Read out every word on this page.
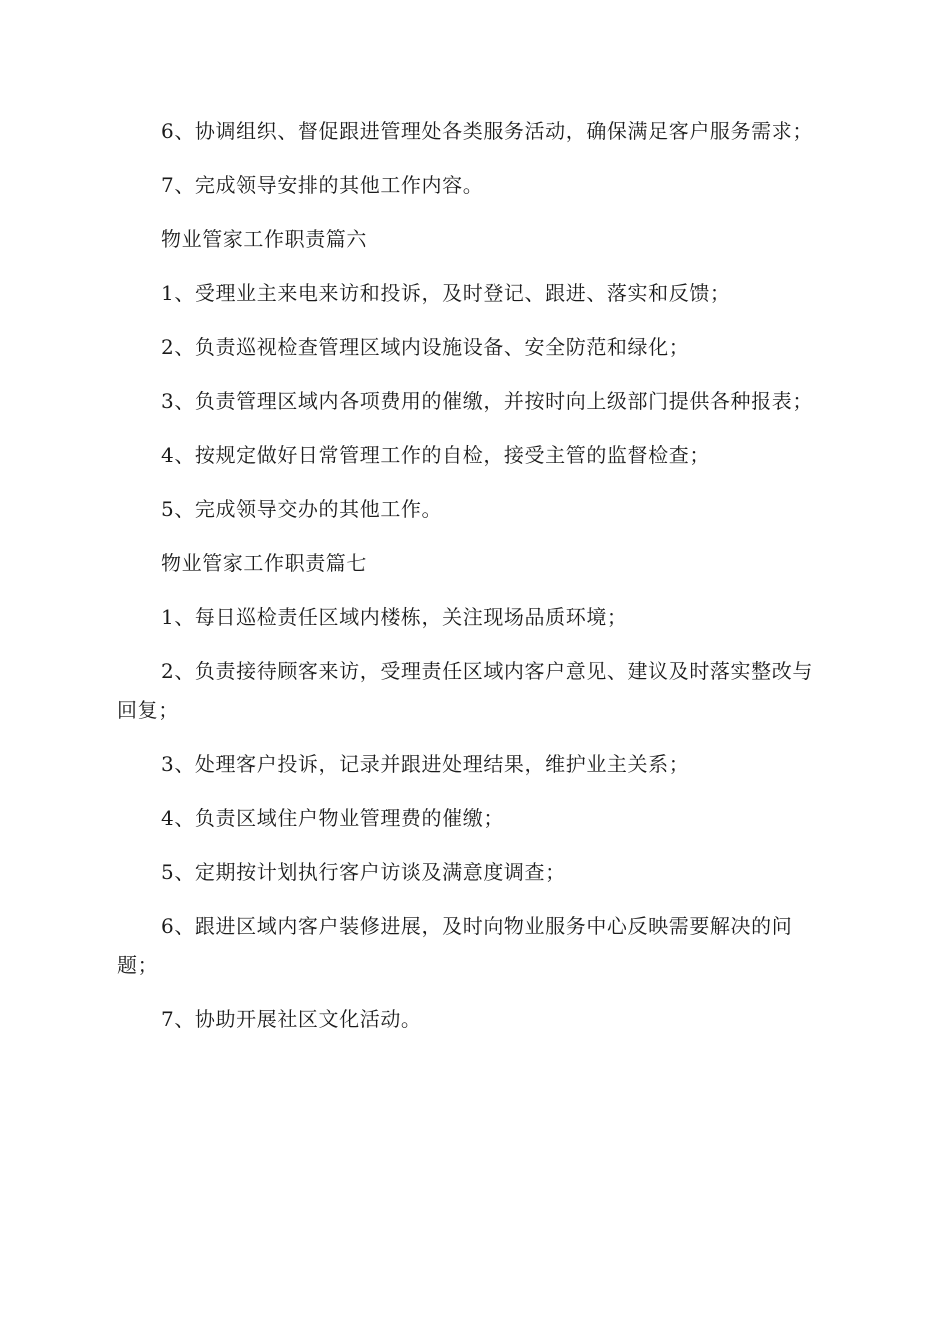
6、协调组织、督促跟进管理处各类服务活动，确保满足客户服务需求；

7、完成领导安排的其他工作内容。

物业管家工作职责篇六

1、受理业主来电来访和投诉，及时登记、跟进、落实和反馈；

2、负责巡视检查管理区域内设施设备、安全防范和绿化；

3、负责管理区域内各项费用的催缴，并按时向上级部门提供各种报表；

4、按规定做好日常管理工作的自检，接受主管的监督检查；

5、完成领导交办的其他工作。

物业管家工作职责篇七

1、每日巡检责任区域内楼栋，关注现场品质环境；

2、负责接待顾客来访，受理责任区域内客户意见、建议及时落实整改与回复；

3、处理客户投诉，记录并跟进处理结果，维护业主关系；

4、负责区域住户物业管理费的催缴；

5、定期按计划执行客户访谈及满意度调查；

6、跟进区域内客户装修进展，及时向物业服务中心反映需要解决的问题；

7、协助开展社区文化活动。
